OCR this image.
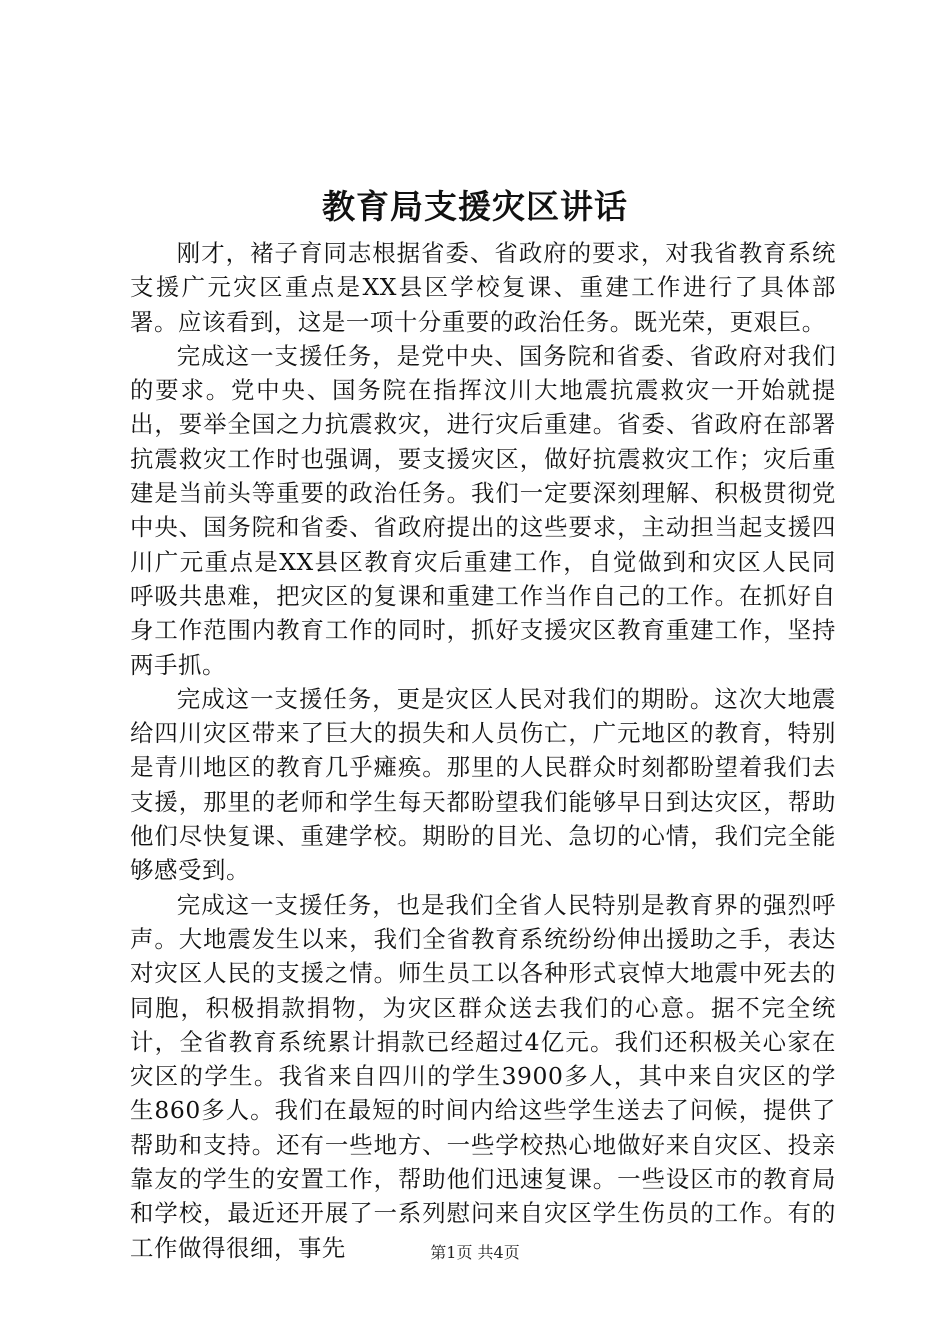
教育局支援灾区讲话

刚才，褚子育同志根据省委、省政府的要求，对我省教育系统支援广元灾区重点是XX县区学校复课、重建工作进行了具体部署。应该看到，这是一项十分重要的政治任务。既光荣，更艰巨。

完成这一支援任务，是党中央、国务院和省委、省政府对我们的要求。党中央、国务院在指挥汶川大地震抗震救灾一开始就提出，要举全国之力抗震救灾，进行灾后重建。省委、省政府在部署抗震救灾工作时也强调，要支援灾区，做好抗震救灾工作；灾后重建是当前头等重要的政治任务。我们一定要深刻理解、积极贯彻党中央、国务院和省委、省政府提出的这些要求，主动担当起支援四川广元重点是XX县区教育灾后重建工作，自觉做到和灾区人民同呼吸共患难，把灾区的复课和重建工作当作自己的工作。在抓好自身工作范围内教育工作的同时，抓好支援灾区教育重建工作，坚持两手抓。

完成这一支援任务，更是灾区人民对我们的期盼。这次大地震给四川灾区带来了巨大的损失和人员伤亡，广元地区的教育，特别是青川地区的教育几乎瘫痪。那里的人民群众时刻都盼望着我们去支援，那里的老师和学生每天都盼望我们能够早日到达灾区，帮助他们尽快复课、重建学校。期盼的目光、急切的心情，我们完全能够感受到。

完成这一支援任务，也是我们全省人民特别是教育界的强烈呼声。大地震发生以来，我们全省教育系统纷纷伸出援助之手，表达对灾区人民的支援之情。师生员工以各种形式哀悼大地震中死去的同胞，积极捐款捐物，为灾区群众送去我们的心意。据不完全统计，全省教育系统累计捐款已经超过4亿元。我们还积极关心家在灾区的学生。我省来自四川的学生3900多人，其中来自灾区的学生860多人。我们在最短的时间内给这些学生送去了问候，提供了帮助和支持。还有一些地方、一些学校热心地做好来自灾区、投亲靠友的学生的安置工作，帮助他们迅速复课。一些设区市的教育局和学校，最近还开展了一系列慰问来自灾区学生伤员的工作。有的工作做得很细，事先	第1页 共4页
